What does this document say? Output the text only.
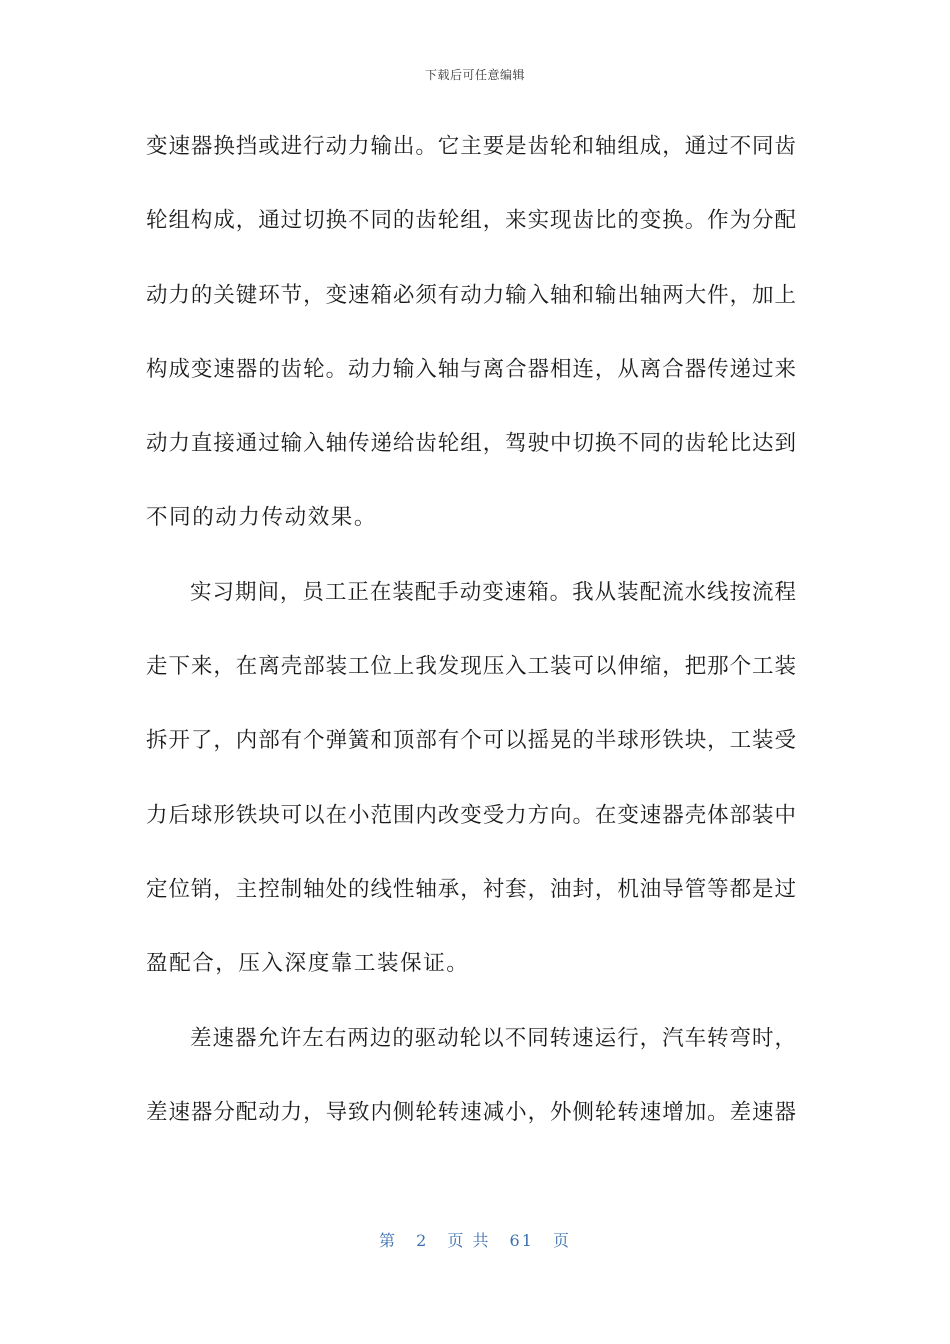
下载后可任意编辑
变速器换挡或进行动力输出。它主要是齿轮和轴组成，通过不同齿
轮组构成，通过切换不同的齿轮组，来实现齿比的变换。作为分配
动力的关键环节，变速箱必须有动力输入轴和输出轴两大件，加上
构成变速器的齿轮。动力输入轴与离合器相连，从离合器传递过来
动力直接通过输入轴传递给齿轮组，驾驶中切换不同的齿轮比达到
不同的动力传动效果。
实习期间，员工正在装配手动变速箱。我从装配流水线按流程
走下来，在离壳部装工位上我发现压入工装可以伸缩，把那个工装
拆开了，内部有个弹簧和顶部有个可以摇晃的半球形铁块，工装受
力后球形铁块可以在小范围内改变受力方向。在变速器壳体部装中
定位销，主控制轴处的线性轴承，衬套，油封，机油导管等都是过
盈配合，压入深度靠工装保证。
差速器允许左右两边的驱动轮以不同转速运行，汽车转弯时，
差速器分配动力，导致内侧轮转速减小，外侧轮转速增加。差速器
第 2 页 共 61 页
